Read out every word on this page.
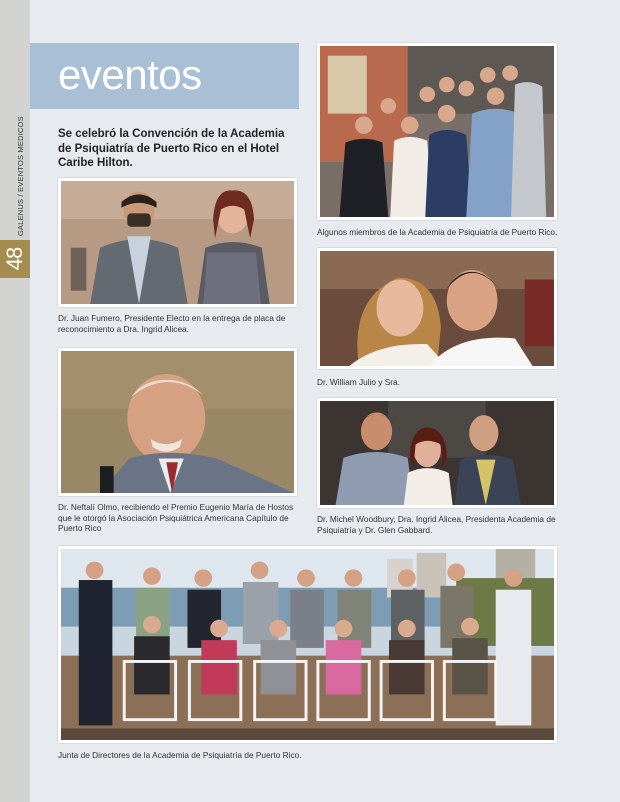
48
GALENUS / EVENTOS MEDICOS
eventos
Se celebró la Convención de la Academia de Psiquiatría de Puerto Rico en el Hotel Caribe Hilton.
Dr. Juan Fumero, Presidente Electo en la entrega de placa de reconocimiento a Dra. Ingrid Alicea.
Dr. Neftalí Olmo, recibiendo el Premio Eugenio María de Hostos que le otorgó la Asociación Psiquiátrica Americana Capítulo de Puerto Rico
Algunos miembros de la Academia de Psiquiatría de Puerto Rico.
Dr. William Julio y Sra.
Dr. Michel Woodbury, Dra. Ingrid Alicea, Presidenta Academia de Psiquiatría y Dr. Glen Gabbard.
Junta de Directores de la Academia de Psiquiatría de Puerto Rico.
